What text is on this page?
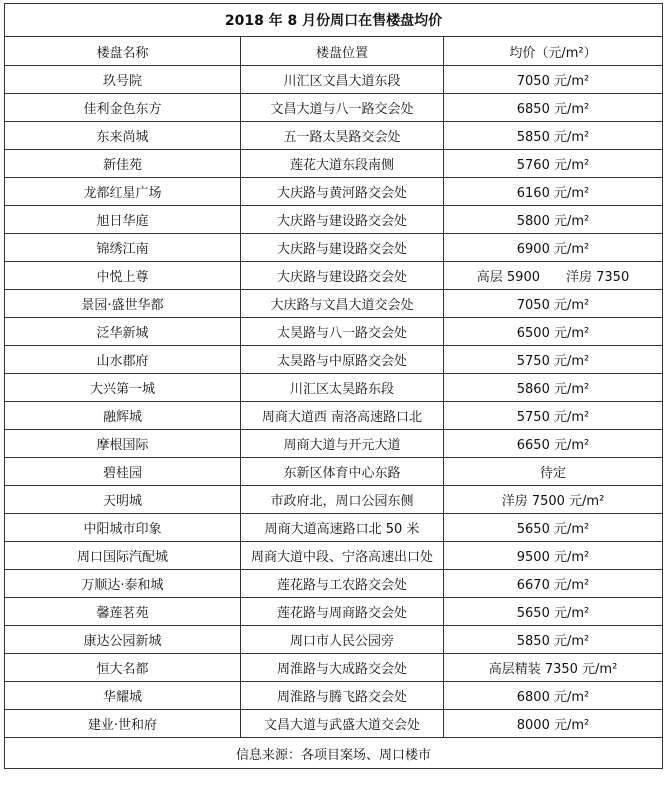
2018 年 8 月份周口在售楼盘均价		
楼盘名称	楼盘位置	均价（元/m²）
玖号院	川汇区文昌大道东段	7050 元/m²
佳利金色东方	文昌大道与八一路交会处	6850 元/m²
东来尚城	五一路太昊路交会处	5850 元/m²
新佳苑	莲花大道东段南侧	5760 元/m²
龙都红星广场	大庆路与黄河路交会处	6160 元/m²
旭日华庭	大庆路与建设路交会处	5800 元/m²
锦绣江南	大庆路与建设路交会处	6900 元/m²
中悦上尊	大庆路与建设路交会处	高层 5900　　洋房 7350
景园·盛世华都	大庆路与文昌大道交会处	7050 元/m²
泛华新城	太昊路与八一路交会处	6500 元/m²
山水郡府	太昊路与中原路交会处	5750 元/m²
大兴第一城	川汇区太昊路东段	5860 元/m²
融辉城	周商大道西 南洛高速路口北	5750 元/m²
摩根国际	周商大道与开元大道	6650 元/m²
碧桂园	东新区体育中心东路	待定
天明城	市政府北，周口公园东侧	洋房 7500 元/m²
中阳城市印象	周商大道高速路口北 50 米	5650 元/m²
周口国际汽配城	周商大道中段、宁洛高速出口处	9500 元/m²
万顺达·泰和城	莲花路与工农路交会处	6670 元/m²
馨莲茗苑	莲花路与周商路交会处	5650 元/m²
康达公园新城	周口市人民公园旁	5850 元/m²
恒大名都	周淮路与大成路交会处	高层精装 7350 元/m²
华耀城	周淮路与腾飞路交会处	6800 元/m²
建业·世和府	文昌大道与武盛大道交会处	8000 元/m²
信息来源：各项目案场、周口楼市		
